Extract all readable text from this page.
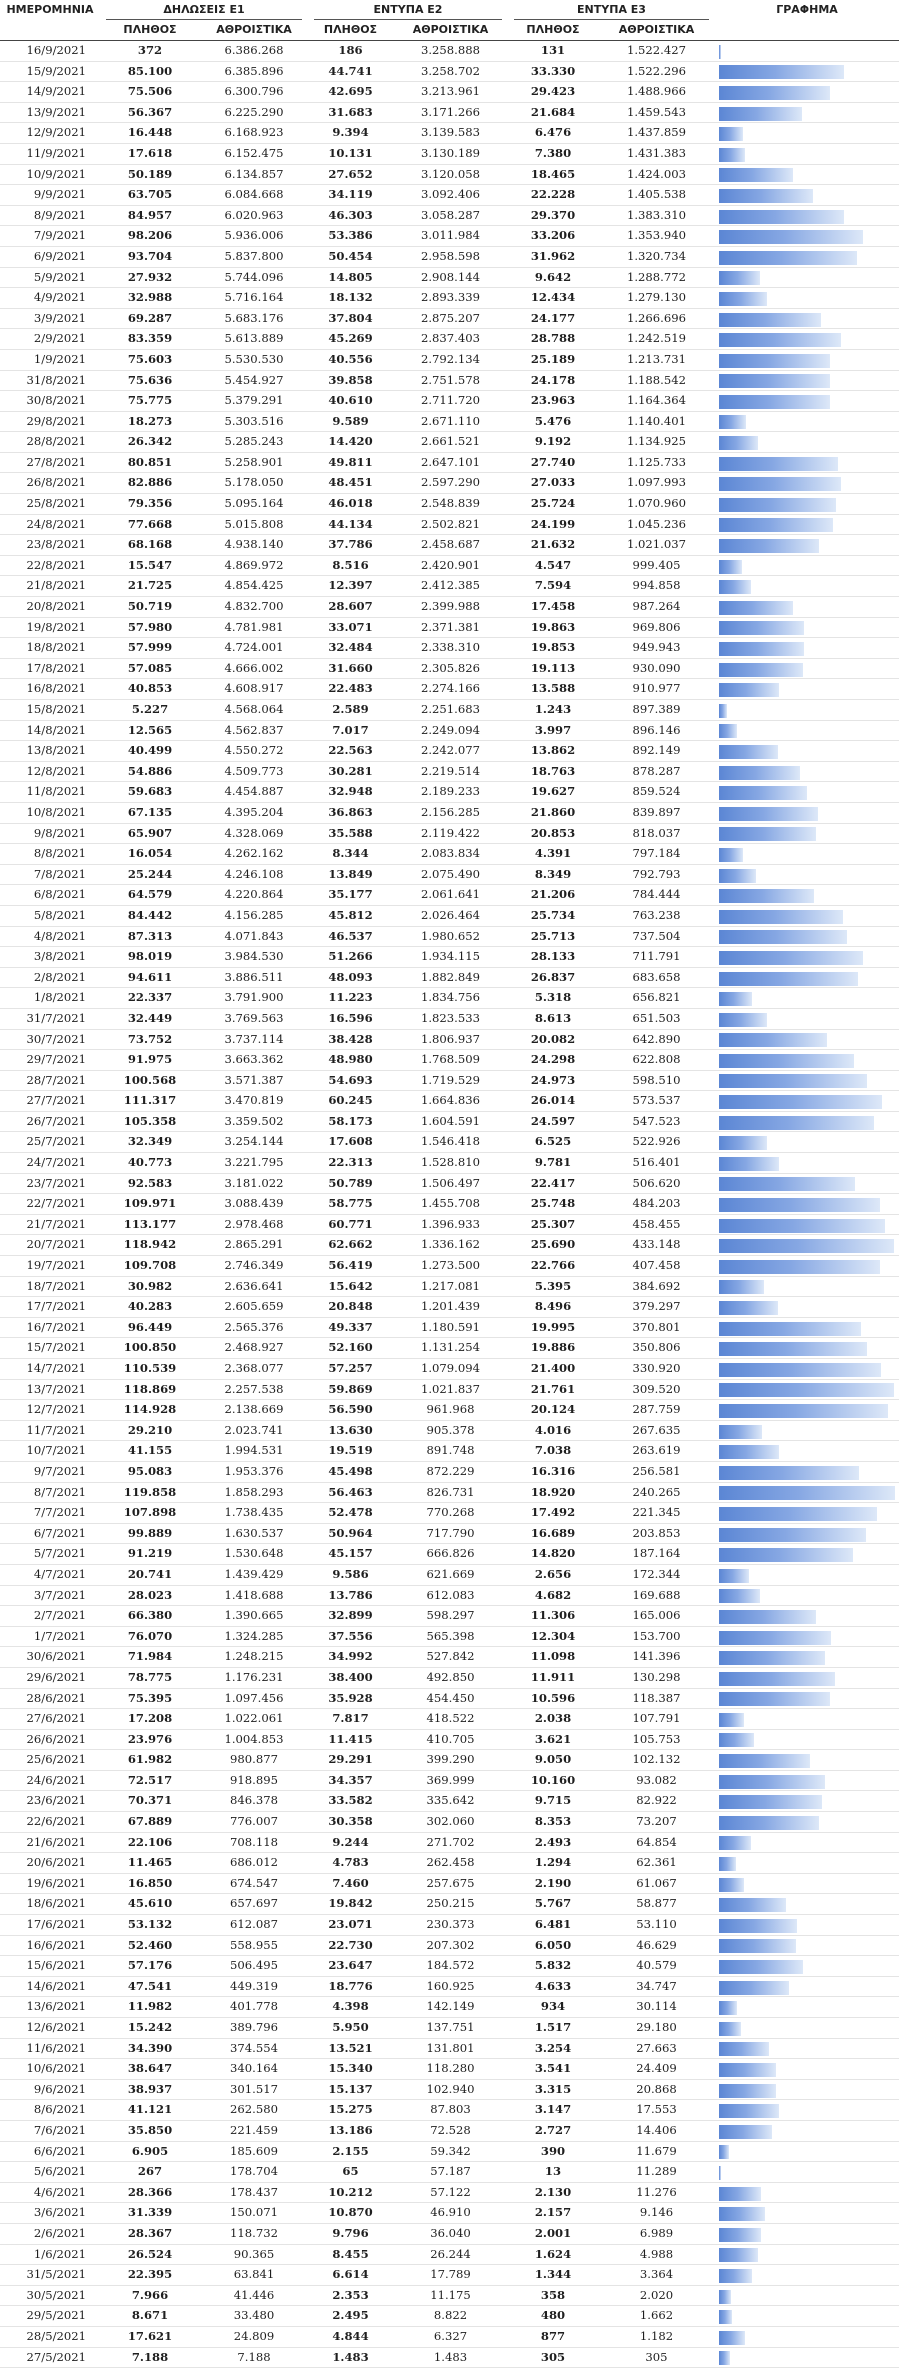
ΗΜΕΡΟΜΗΝΙΑ	ΔΗΛΩΣΕΙΣ Ε1		ΕΝΤΥΠΑ Ε2		ΕΝΤΥΠΑ Ε3		ΓΡΑΦΗΜΑ
	ΠΛΗΘΟΣ	ΑΘΡΟΙΣΤΙΚΑ	ΠΛΗΘΟΣ	ΑΘΡΟΙΣΤΙΚΑ	ΠΛΗΘΟΣ	ΑΘΡΟΙΣΤΙΚΑ	
16/9/2021	372	6.386.268	186	3.258.888	131	1.522.427	

15/9/2021	85.100	6.385.896	44.741	3.258.702	33.330	1.522.296	

14/9/2021	75.506	6.300.796	42.695	3.213.961	29.423	1.488.966	

13/9/2021	56.367	6.225.290	31.683	3.171.266	21.684	1.459.543	

12/9/2021	16.448	6.168.923	9.394	3.139.583	6.476	1.437.859	

11/9/2021	17.618	6.152.475	10.131	3.130.189	7.380	1.431.383	

10/9/2021	50.189	6.134.857	27.652	3.120.058	18.465	1.424.003	

9/9/2021	63.705	6.084.668	34.119	3.092.406	22.228	1.405.538	

8/9/2021	84.957	6.020.963	46.303	3.058.287	29.370	1.383.310	

7/9/2021	98.206	5.936.006	53.386	3.011.984	33.206	1.353.940	

6/9/2021	93.704	5.837.800	50.454	2.958.598	31.962	1.320.734	

5/9/2021	27.932	5.744.096	14.805	2.908.144	9.642	1.288.772	

4/9/2021	32.988	5.716.164	18.132	2.893.339	12.434	1.279.130	

3/9/2021	69.287	5.683.176	37.804	2.875.207	24.177	1.266.696	

2/9/2021	83.359	5.613.889	45.269	2.837.403	28.788	1.242.519	

1/9/2021	75.603	5.530.530	40.556	2.792.134	25.189	1.213.731	

31/8/2021	75.636	5.454.927	39.858	2.751.578	24.178	1.188.542	

30/8/2021	75.775	5.379.291	40.610	2.711.720	23.963	1.164.364	

29/8/2021	18.273	5.303.516	9.589	2.671.110	5.476	1.140.401	

28/8/2021	26.342	5.285.243	14.420	2.661.521	9.192	1.134.925	

27/8/2021	80.851	5.258.901	49.811	2.647.101	27.740	1.125.733	

26/8/2021	82.886	5.178.050	48.451	2.597.290	27.033	1.097.993	

25/8/2021	79.356	5.095.164	46.018	2.548.839	25.724	1.070.960	

24/8/2021	77.668	5.015.808	44.134	2.502.821	24.199	1.045.236	

23/8/2021	68.168	4.938.140	37.786	2.458.687	21.632	1.021.037	

22/8/2021	15.547	4.869.972	8.516	2.420.901	4.547	999.405	

21/8/2021	21.725	4.854.425	12.397	2.412.385	7.594	994.858	

20/8/2021	50.719	4.832.700	28.607	2.399.988	17.458	987.264	

19/8/2021	57.980	4.781.981	33.071	2.371.381	19.863	969.806	

18/8/2021	57.999	4.724.001	32.484	2.338.310	19.853	949.943	

17/8/2021	57.085	4.666.002	31.660	2.305.826	19.113	930.090	

16/8/2021	40.853	4.608.917	22.483	2.274.166	13.588	910.977	

15/8/2021	5.227	4.568.064	2.589	2.251.683	1.243	897.389	

14/8/2021	12.565	4.562.837	7.017	2.249.094	3.997	896.146	

13/8/2021	40.499	4.550.272	22.563	2.242.077	13.862	892.149	

12/8/2021	54.886	4.509.773	30.281	2.219.514	18.763	878.287	

11/8/2021	59.683	4.454.887	32.948	2.189.233	19.627	859.524	

10/8/2021	67.135	4.395.204	36.863	2.156.285	21.860	839.897	

9/8/2021	65.907	4.328.069	35.588	2.119.422	20.853	818.037	

8/8/2021	16.054	4.262.162	8.344	2.083.834	4.391	797.184	

7/8/2021	25.244	4.246.108	13.849	2.075.490	8.349	792.793	

6/8/2021	64.579	4.220.864	35.177	2.061.641	21.206	784.444	

5/8/2021	84.442	4.156.285	45.812	2.026.464	25.734	763.238	

4/8/2021	87.313	4.071.843	46.537	1.980.652	25.713	737.504	

3/8/2021	98.019	3.984.530	51.266	1.934.115	28.133	711.791	

2/8/2021	94.611	3.886.511	48.093	1.882.849	26.837	683.658	

1/8/2021	22.337	3.791.900	11.223	1.834.756	5.318	656.821	

31/7/2021	32.449	3.769.563	16.596	1.823.533	8.613	651.503	

30/7/2021	73.752	3.737.114	38.428	1.806.937	20.082	642.890	

29/7/2021	91.975	3.663.362	48.980	1.768.509	24.298	622.808	

28/7/2021	100.568	3.571.387	54.693	1.719.529	24.973	598.510	

27/7/2021	111.317	3.470.819	60.245	1.664.836	26.014	573.537	

26/7/2021	105.358	3.359.502	58.173	1.604.591	24.597	547.523	

25/7/2021	32.349	3.254.144	17.608	1.546.418	6.525	522.926	

24/7/2021	40.773	3.221.795	22.313	1.528.810	9.781	516.401	

23/7/2021	92.583	3.181.022	50.789	1.506.497	22.417	506.620	

22/7/2021	109.971	3.088.439	58.775	1.455.708	25.748	484.203	

21/7/2021	113.177	2.978.468	60.771	1.396.933	25.307	458.455	

20/7/2021	118.942	2.865.291	62.662	1.336.162	25.690	433.148	

19/7/2021	109.708	2.746.349	56.419	1.273.500	22.766	407.458	

18/7/2021	30.982	2.636.641	15.642	1.217.081	5.395	384.692	

17/7/2021	40.283	2.605.659	20.848	1.201.439	8.496	379.297	

16/7/2021	96.449	2.565.376	49.337	1.180.591	19.995	370.801	

15/7/2021	100.850	2.468.927	52.160	1.131.254	19.886	350.806	

14/7/2021	110.539	2.368.077	57.257	1.079.094	21.400	330.920	

13/7/2021	118.869	2.257.538	59.869	1.021.837	21.761	309.520	

12/7/2021	114.928	2.138.669	56.590	961.968	20.124	287.759	

11/7/2021	29.210	2.023.741	13.630	905.378	4.016	267.635	

10/7/2021	41.155	1.994.531	19.519	891.748	7.038	263.619	

9/7/2021	95.083	1.953.376	45.498	872.229	16.316	256.581	

8/7/2021	119.858	1.858.293	56.463	826.731	18.920	240.265	

7/7/2021	107.898	1.738.435	52.478	770.268	17.492	221.345	

6/7/2021	99.889	1.630.537	50.964	717.790	16.689	203.853	

5/7/2021	91.219	1.530.648	45.157	666.826	14.820	187.164	

4/7/2021	20.741	1.439.429	9.586	621.669	2.656	172.344	

3/7/2021	28.023	1.418.688	13.786	612.083	4.682	169.688	

2/7/2021	66.380	1.390.665	32.899	598.297	11.306	165.006	

1/7/2021	76.070	1.324.285	37.556	565.398	12.304	153.700	

30/6/2021	71.984	1.248.215	34.992	527.842	11.098	141.396	

29/6/2021	78.775	1.176.231	38.400	492.850	11.911	130.298	

28/6/2021	75.395	1.097.456	35.928	454.450	10.596	118.387	

27/6/2021	17.208	1.022.061	7.817	418.522	2.038	107.791	

26/6/2021	23.976	1.004.853	11.415	410.705	3.621	105.753	

25/6/2021	61.982	980.877	29.291	399.290	9.050	102.132	

24/6/2021	72.517	918.895	34.357	369.999	10.160	93.082	

23/6/2021	70.371	846.378	33.582	335.642	9.715	82.922	

22/6/2021	67.889	776.007	30.358	302.060	8.353	73.207	

21/6/2021	22.106	708.118	9.244	271.702	2.493	64.854	

20/6/2021	11.465	686.012	4.783	262.458	1.294	62.361	

19/6/2021	16.850	674.547	7.460	257.675	2.190	61.067	

18/6/2021	45.610	657.697	19.842	250.215	5.767	58.877	

17/6/2021	53.132	612.087	23.071	230.373	6.481	53.110	

16/6/2021	52.460	558.955	22.730	207.302	6.050	46.629	

15/6/2021	57.176	506.495	23.647	184.572	5.832	40.579	

14/6/2021	47.541	449.319	18.776	160.925	4.633	34.747	

13/6/2021	11.982	401.778	4.398	142.149	934	30.114	

12/6/2021	15.242	389.796	5.950	137.751	1.517	29.180	

11/6/2021	34.390	374.554	13.521	131.801	3.254	27.663	

10/6/2021	38.647	340.164	15.340	118.280	3.541	24.409	

9/6/2021	38.937	301.517	15.137	102.940	3.315	20.868	

8/6/2021	41.121	262.580	15.275	87.803	3.147	17.553	

7/6/2021	35.850	221.459	13.186	72.528	2.727	14.406	

6/6/2021	6.905	185.609	2.155	59.342	390	11.679	

5/6/2021	267	178.704	65	57.187	13	11.289	

4/6/2021	28.366	178.437	10.212	57.122	2.130	11.276	

3/6/2021	31.339	150.071	10.870	46.910	2.157	9.146	

2/6/2021	28.367	118.732	9.796	36.040	2.001	6.989	

1/6/2021	26.524	90.365	8.455	26.244	1.624	4.988	

31/5/2021	22.395	63.841	6.614	17.789	1.344	3.364	

30/5/2021	7.966	41.446	2.353	11.175	358	2.020	

29/5/2021	8.671	33.480	2.495	8.822	480	1.662	

28/5/2021	17.621	24.809	4.844	6.327	877	1.182	

27/5/2021	7.188	7.188	1.483	1.483	305	305	
